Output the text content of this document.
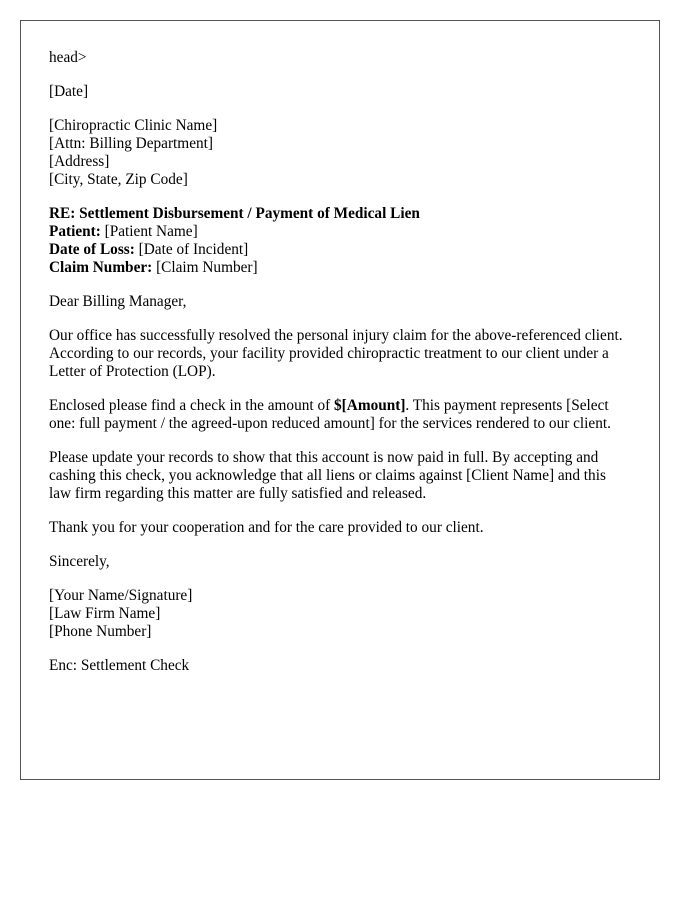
head>

[Date]

[Chiropractic Clinic Name]
[Attn: Billing Department]
[Address]
[City, State, Zip Code]

RE: Settlement Disbursement / Payment of Medical Lien
Patient: [Patient Name]
Date of Loss: [Date of Incident]
Claim Number: [Claim Number]

Dear Billing Manager,

Our office has successfully resolved the personal injury claim for the above-referenced client. According to our records, your facility provided chiropractic treatment to our client under a Letter of Protection (LOP).

Enclosed please find a check in the amount of $[Amount]. This payment represents [Select one: full payment / the agreed-upon reduced amount] for the services rendered to our client.

Please update your records to show that this account is now paid in full. By accepting and cashing this check, you acknowledge that all liens or claims against [Client Name] and this law firm regarding this matter are fully satisfied and released.

Thank you for your cooperation and for the care provided to our client.

Sincerely,

[Your Name/Signature]
[Law Firm Name]
[Phone Number]

Enc: Settlement Check
